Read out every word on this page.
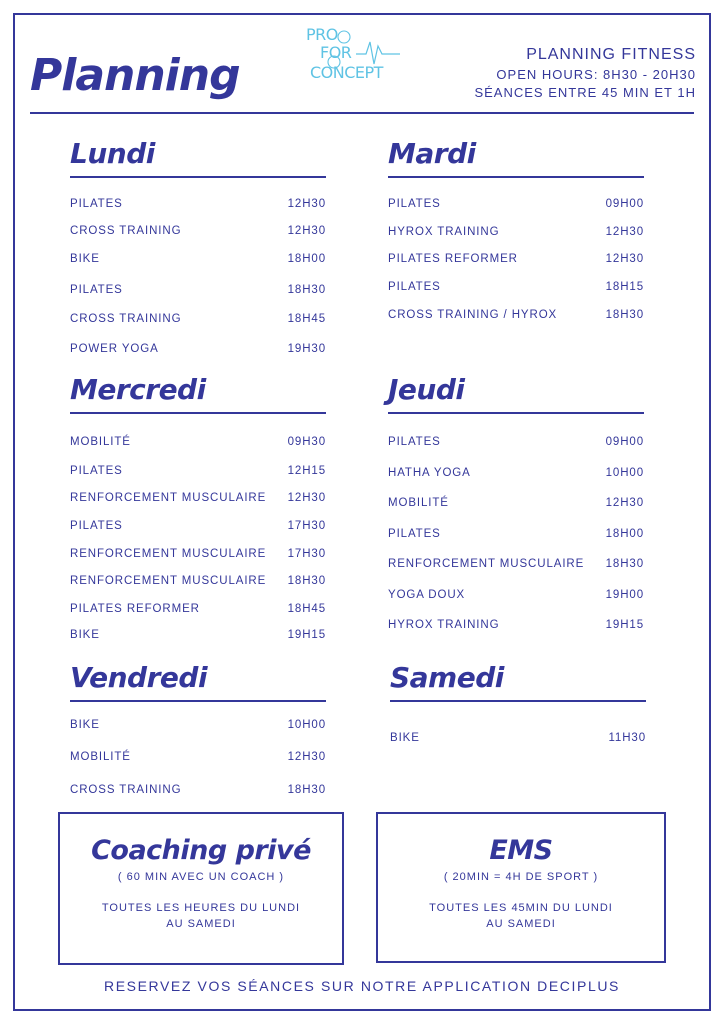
Planning
PRO
FOR
CONCEPT
PLANNING FITNESS
OPEN HOURS: 8H30 - 20H30
SÉANCES ENTRE 45 MIN ET 1H
Lundi
PILATES	12H30
CROSS TRAINING	12H30
BIKE	18H00
PILATES	18H30
CROSS TRAINING	18H45
POWER YOGA	19H30
Mardi
PILATES	09H00
HYROX TRAINING	12H30
PILATES REFORMER	12H30
PILATES	18H15
CROSS TRAINING / HYROX	18H30
Mercredi
MOBILITÉ	09H30
PILATES	12H15
RENFORCEMENT MUSCULAIRE 12H30
PILATES	17H30
RENFORCEMENT MUSCULAIRE 17H30
RENFORCEMENT MUSCULAIRE 18H30
PILATES REFORMER	18H45
BIKE	19H15
Jeudi
PILATES	09H00
HATHA YOGA	10H00
MOBILITÉ	12H30
PILATES	18H00
RENFORCEMENT MUSCULAIRE 18H30
YOGA DOUX	19H00
HYROX TRAINING	19H15
Vendredi
BIKE	10H00
MOBILITÉ	12H30
CROSS TRAINING	18H30
Samedi
BIKE	11H30
Coaching privé
( 60 MIN AVEC UN COACH )
TOUTES LES HEURES DU LUNDI
AU SAMEDI
EMS
( 20MIN = 4H DE SPORT )
TOUTES LES 45MIN DU LUNDI
AU SAMEDI
RESERVEZ VOS SÉANCES SUR NOTRE APPLICATION DECIPLUS
